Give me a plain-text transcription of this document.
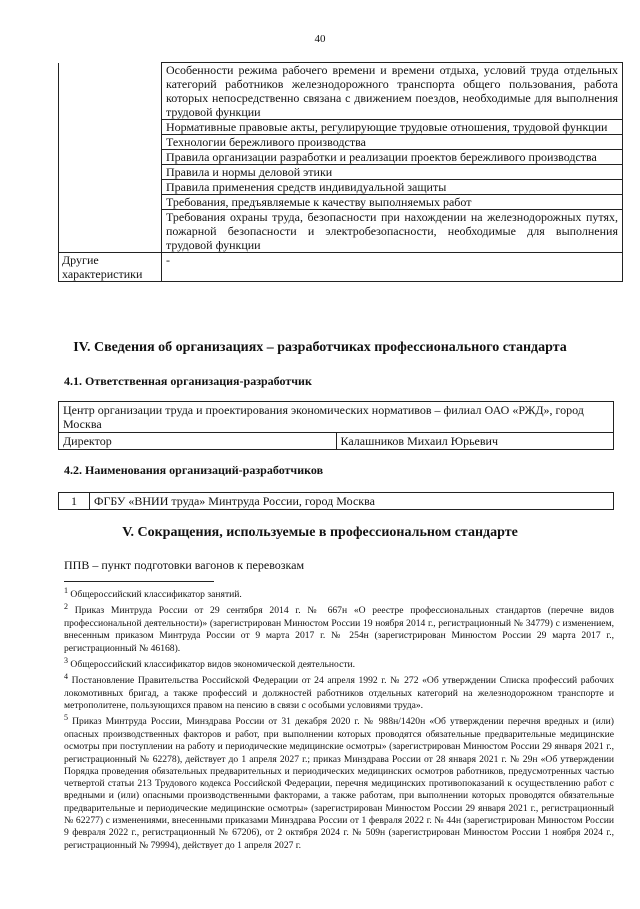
40
	Особенности режима рабочего времени и времени отдыха, условий труда отдельных категорий работников железнодорожного транспорта общего пользования, работа которых непосредственно связана с движением поездов, необходимые для выполнения трудовой функции
	Нормативные правовые акты, регулирующие трудовые отношения, трудовой функции
	Технологии бережливого производства
	Правила организации разработки и реализации проектов бережливого производства
	Правила и нормы деловой этики
	Правила применения средств индивидуальной защиты
	Требования, предъявляемые к качеству выполняемых работ
	Требования охраны труда, безопасности при нахождении на железнодорожных путях, пожарной безопасности и электробезопасности, необходимые для выполнения трудовой функции
Другие характеристики	-
IV. Сведения об организациях – разработчиках профессионального стандарта
4.1. Ответственная организация-разработчик
Центр организации труда и проектирования экономических нормативов – филиал ОАО «РЖД», город Москва
Директор	Калашников Михаил Юрьевич
4.2. Наименования организаций-разработчиков
1	ФГБУ «ВНИИ труда» Минтруда России, город Москва
V. Сокращения, используемые в профессиональном стандарте
ППВ – пункт подготовки вагонов к перевозкам

$^1$ Общероссийский классификатор занятий.

$^2$ Приказ Минтруда России от 29 сентября 2014 г. № 667н «О реестре профессиональных стандартов (перечне видов профессиональной деятельности)» (зарегистрирован Минюстом России 19 ноября 2014 г., регистрационный № 34779) с изменением, внесенным приказом Минтруда России от 9 марта 2017 г. № 254н (зарегистрирован Минюстом России 29 марта 2017 г., регистрационный № 46168).

$^3$ Общероссийский классификатор видов экономической деятельности.

$^4$ Постановление Правительства Российской Федерации от 24 апреля 1992 г. № 272 «Об утверждении Списка профессий рабочих локомотивных бригад, а также профессий и должностей работников отдельных категорий на железнодорожном транспорте и метрополитене, пользующихся правом на пенсию в связи с особыми условиями труда».

$^5$ Приказ Минтруда России, Минздрава России от 31 декабря 2020 г. № 988н/1420н «Об утверждении перечня вредных и (или) опасных производственных факторов и работ, при выполнении которых проводятся обязательные предварительные медицинские осмотры при поступлении на работу и периодические медицинские осмотры» (зарегистрирован Минюстом России 29 января 2021 г., регистрационный № 62278), действует до 1 апреля 2027 г.; приказ Минздрава России от 28 января 2021 г. № 29н «Об утверждении Порядка проведения обязательных предварительных и периодических медицинских осмотров работников, предусмотренных частью четвертой статьи 213 Трудового кодекса Российской Федерации, перечня медицинских противопоказаний к осуществлению работ с вредными и (или) опасными производственными факторами, а также работам, при выполнении которых проводятся обязательные предварительные и периодические медицинские осмотры» (зарегистрирован Минюстом России 29 января 2021 г., регистрационный № 62277) с изменениями, внесенными приказами Минздрава России от 1 февраля 2022 г. № 44н (зарегистрирован Минюстом России 9 февраля 2022 г., регистрационный № 67206), от 2 октября 2024 г. № 509н (зарегистрирован Минюстом России 1 ноября 2024 г., регистрационный № 79994), действует до 1 апреля 2027 г.
